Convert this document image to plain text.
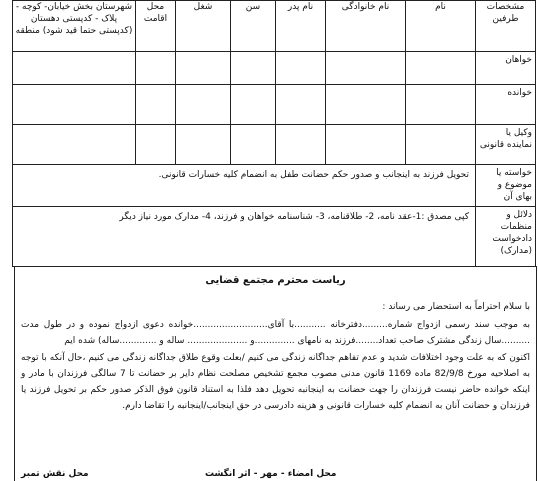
مشخصات طرفین	نام	نام خانوادگی	نام پدر	سن	شغل	محل اقامت	شهرستان بخش خیابان- کوچه - پلاک - کدپستی دهستان (کدپستی حتما قید شود) منطقه
خواهان							
خوانده							
وکیل یا نماینده قانونی							
خواسته یا موضوع و بهای آن	تحویل فرزند به اینجانب و صدور حکم حضانت طفل به انضمام کلیه خسارات قانونی.						
دلائل و منظمات دادخواست (مدارک)	کپی مصدق :1-عقد نامه، 2- طلاقنامه، 3- شناسنامه خواهان و فرزند، 4- مدارک مورد نیاز دیگر						
ریاست محترم مجتمع قضایی
با سلام احتراماً به استحضار می رساند :
به موجب سند رسمی ازدواج شماره.........دفترخانه ...........با آقای..........................خوانده دعوی ازدواج نموده و در طول مدت ..........سال زندگی مشترک صاحب تعداد........فرزند به نامهای ..............و ..................... ساله و .............ساله) شده ایم
اکنون که به علت وجود اختلافات شدید و عدم تفاهم جداگانه زندگی می کنیم /بعلت وقوع طلاق جداگانه زندگی می کنیم ،حال آنکه با توجه به اصلاحیه مورخ 82/9/8 ماده 1169 قانون مدنی مصوب مجمع تشخیص مصلحت نظام دایر بر حضانت تا 7 سالگی فرزندان با مادر و اینکه خوانده حاضر نیست فرزندان را جهت حضانت به اینجانبه تحویل دهد فلذا به استناد قانون فوق الذکر صدور حکم بر تحویل فرزند یا فرزندان و حضانت آنان به انضمام کلیه خسارات قانونی و هزینه دادرسی در حق اینجانب/اینجانبه را تقاضا دارم.
محل امضاء - مهر - اثر انگشت
محل نقش تمبر
